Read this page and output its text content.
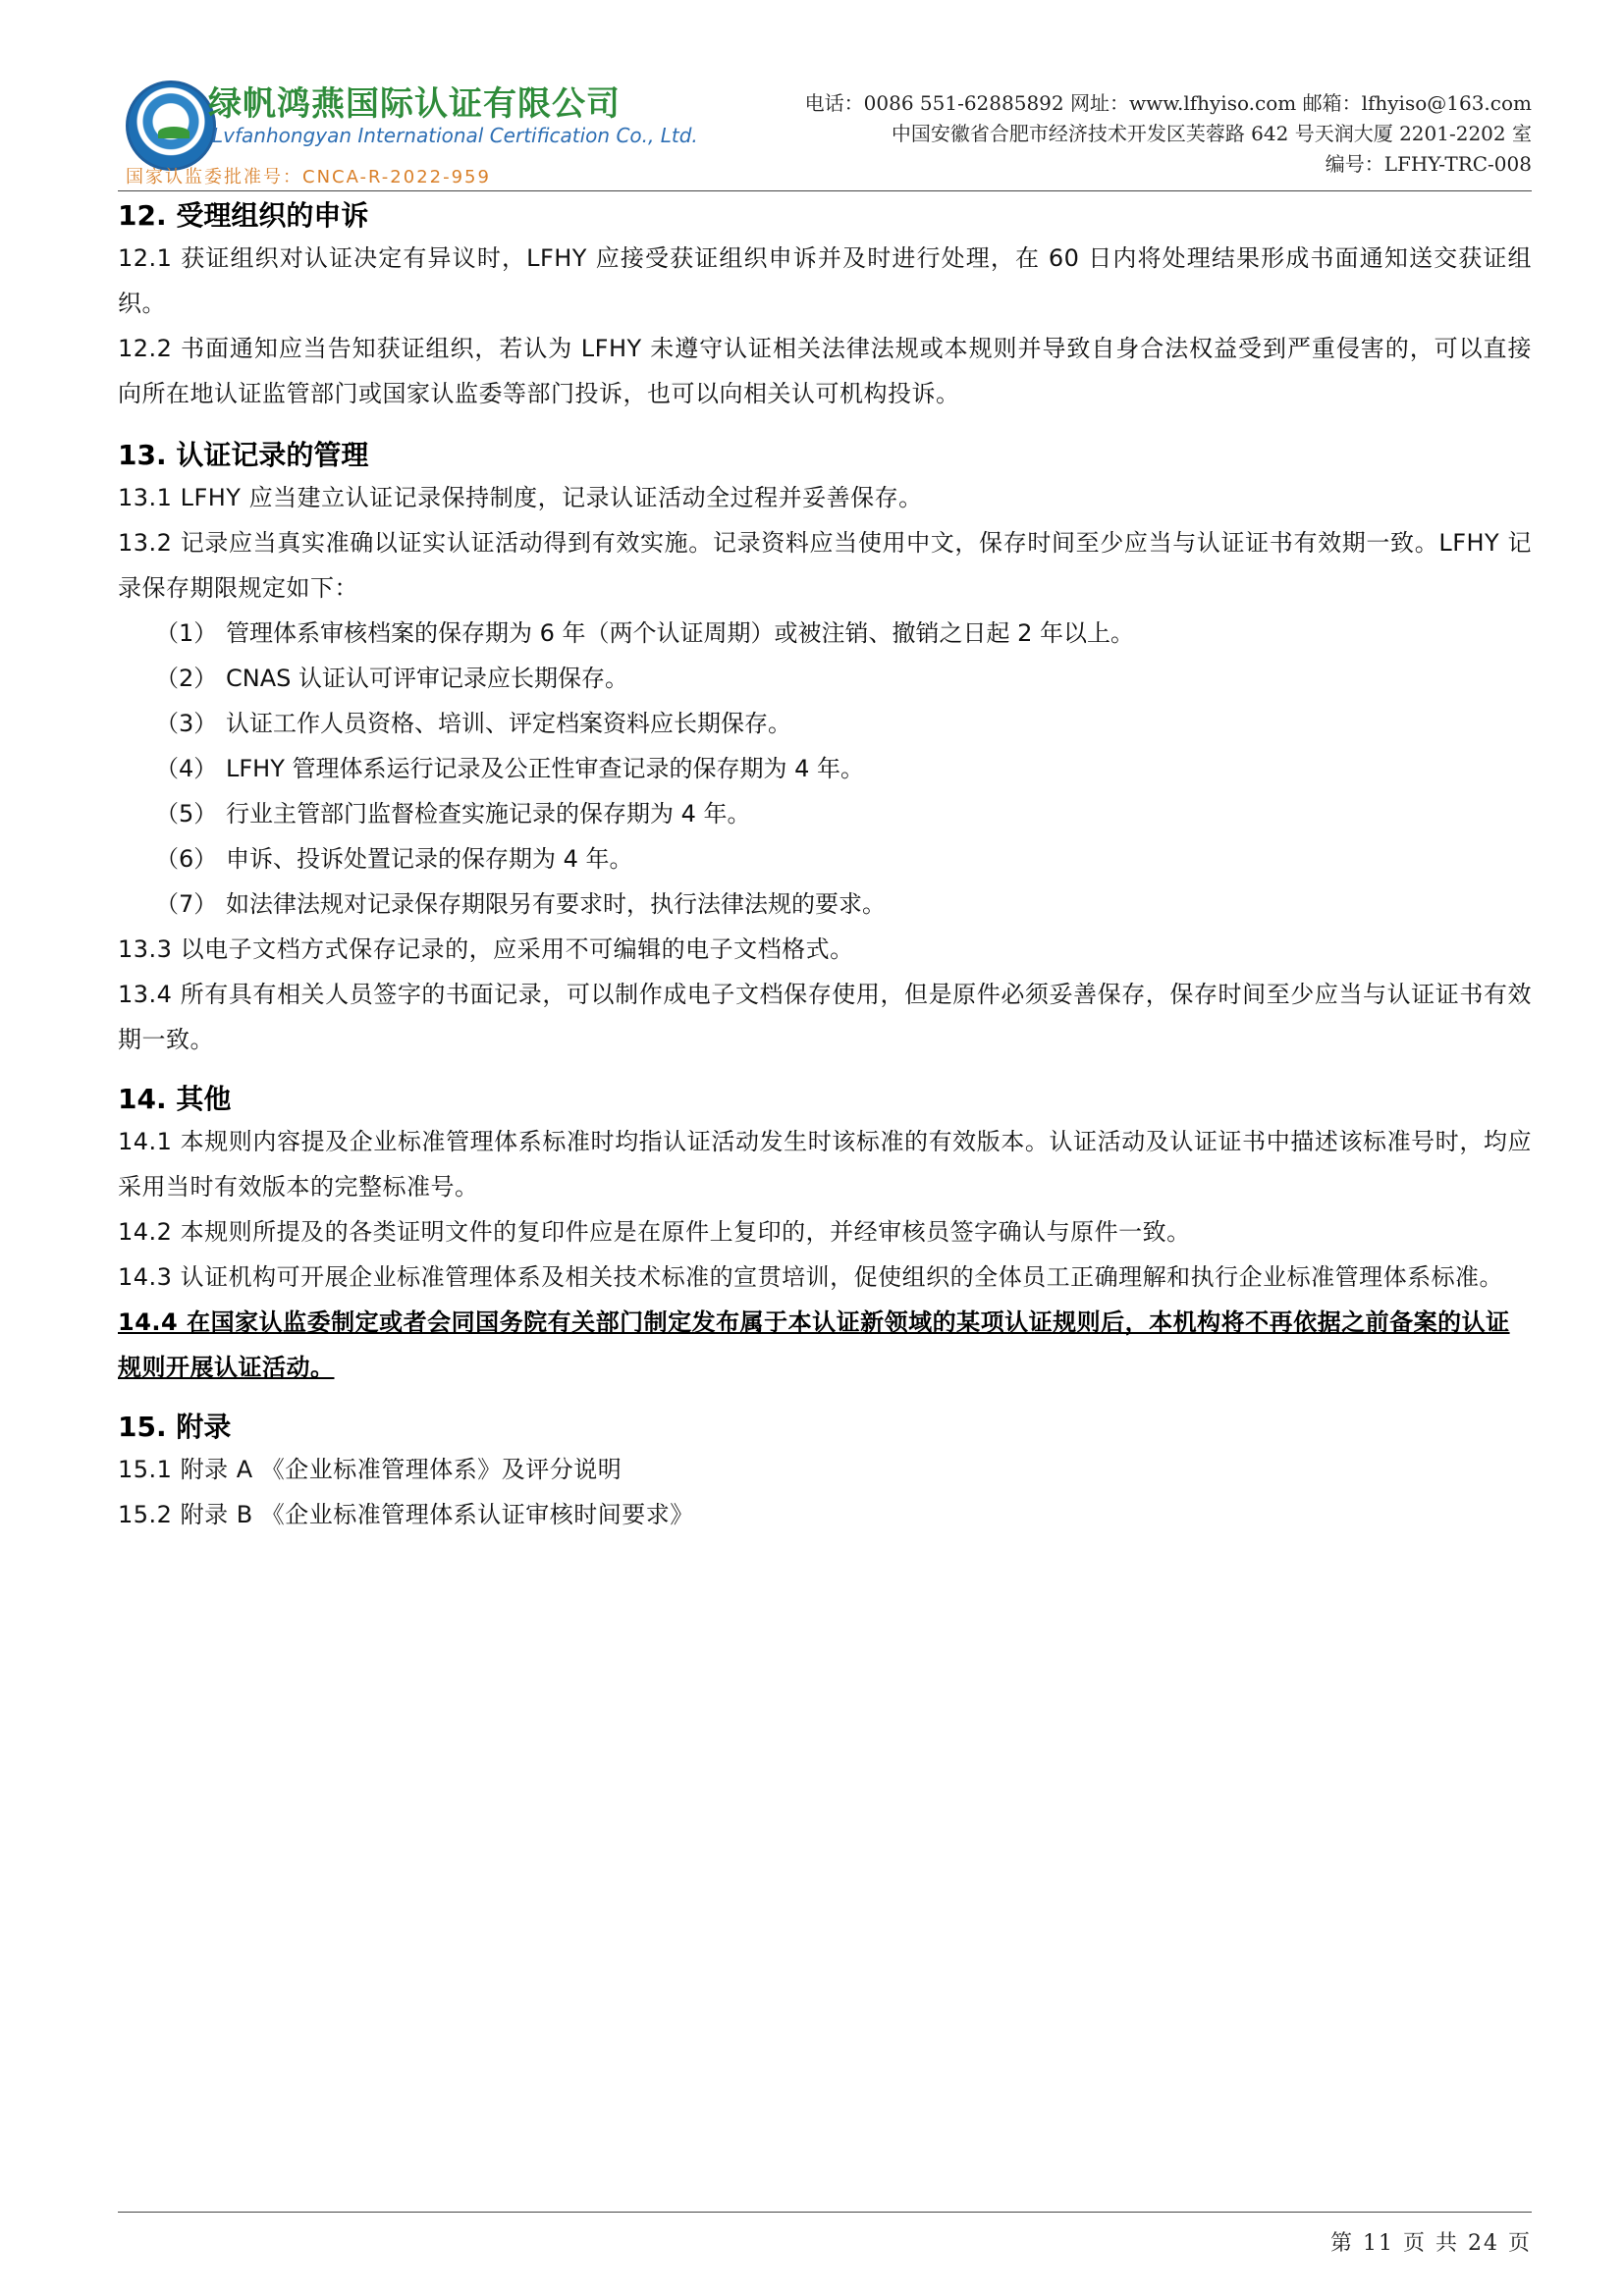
绿帆鸿燕国际认证有限公司
Lvfanhongyan International Certification Co., Ltd.
国家认监委批准号：CNCA-R-2022-959
电话：0086 551-62885892 网址：www.lfhyiso.com 邮箱：lfhyiso@163.com
中国安徽省合肥市经济技术开发区芙蓉路 642 号天润大厦 2201-2202 室
编号：LFHY-TRC-008
12. 受理组织的申诉

12.1 获证组织对认证决定有异议时，LFHY 应接受获证组织申诉并及时进行处理，在 60 日内将处理结果形成书面通知送交获证组织。

12.2 书面通知应当告知获证组织，若认为 LFHY 未遵守认证相关法律法规或本规则并导致自身合法权益受到严重侵害的，可以直接向所在地认证监管部门或国家认监委等部门投诉，也可以向相关认可机构投诉。

13. 认证记录的管理

13.1 LFHY 应当建立认证记录保持制度，记录认证活动全过程并妥善保存。

13.2 记录应当真实准确以证实认证活动得到有效实施。记录资料应当使用中文，保存时间至少应当与认证证书有效期一致。LFHY 记录保存期限规定如下：

（1） 管理体系审核档案的保存期为 6 年（两个认证周期）或被注销、撤销之日起 2 年以上。

（2） CNAS 认证认可评审记录应长期保存。

（3） 认证工作人员资格、培训、评定档案资料应长期保存。

（4） LFHY 管理体系运行记录及公正性审查记录的保存期为 4 年。

（5） 行业主管部门监督检查实施记录的保存期为 4 年。

（6） 申诉、投诉处置记录的保存期为 4 年。

（7） 如法律法规对记录保存期限另有要求时，执行法律法规的要求。

13.3 以电子文档方式保存记录的，应采用不可编辑的电子文档格式。

13.4 所有具有相关人员签字的书面记录，可以制作成电子文档保存使用，但是原件必须妥善保存，保存时间至少应当与认证证书有效期一致。

14. 其他

14.1 本规则内容提及企业标准管理体系标准时均指认证活动发生时该标准的有效版本。认证活动及认证证书中描述该标准号时，均应采用当时有效版本的完整标准号。

14.2 本规则所提及的各类证明文件的复印件应是在原件上复印的，并经审核员签字确认与原件一致。

14.3 认证机构可开展企业标准管理体系及相关技术标准的宣贯培训，促使组织的全体员工正确理解和执行企业标准管理体系标准。

14.4 在国家认监委制定或者会同国务院有关部门制定发布属于本认证新领域的某项认证规则后，本机构将不再依据之前备案的认证规则开展认证活动。

15. 附录

15.1 附录 A 《企业标准管理体系》及评分说明

15.2 附录 B 《企业标准管理体系认证审核时间要求》

第 11 页 共 24 页
